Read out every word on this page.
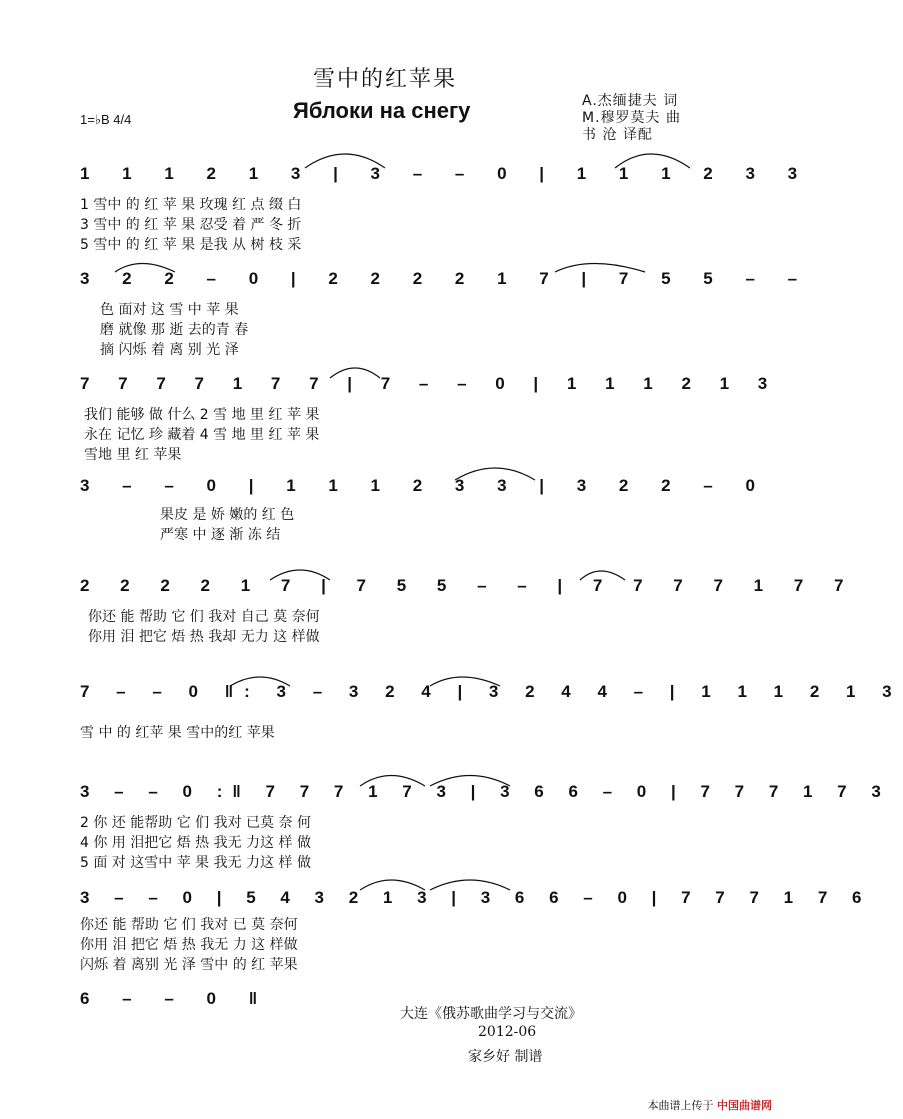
雪中的红苹果
Яблоки на снегу
1=♭B 4/4
A.杰缅捷夫 词
M.穆罗莫夫 曲
书 沧 译配
1 1 1 2 1 3 | 3 – – 0 | 1 1 1 2 3 3
1 雪中 的 红 苹 果 玫瑰 红 点 缀 白
3 雪中 的 红 苹 果 忍受 着 严 冬 折
5 雪中 的 红 苹 果 是我 从 树 枝 采
3 2 2 – 0 | 2 2 2 2 1 7 | 7 5 5 – –
色 面对 这 雪 中 苹 果
磨 就像 那 逝 去的青 春
摘 闪烁 着 离 别 光 泽
7 7 7 7 1 7 7 | 7 – – 0 | 1 1 1 2 1 3
我们 能够 做 什么 2 雪 地 里 红 苹 果
永在 记忆 珍 藏着 4 雪 地 里 红 苹 果
雪地 里 红 苹果
3 – – 0 | 1 1 1 2 3 3 | 3 2 2 – 0
果皮 是 娇 嫩的 红 色
严寒 中 逐 渐 冻 结
2 2 2 2 1 7 | 7 5 5 – – | 7 7 7 7 1 7 7
你还 能 帮助 它 们 我对 自己 莫 奈何
你用 泪 把它 焐 热 我却 无力 这 样做
7 – – 0 ‖: 3 – 3 2 4 | 3 2 4 4 – | 1 1 1 2 1 3
雪 中 的 红苹 果 雪中的红 苹果
3 – – 0 :‖ 7 7 7 1 7 3 | 3 6 6 – 0 | 7 7 7 1 7 3
2 你 还 能帮助 它 们 我对 已莫 奈 何
4 你 用 泪把它 焐 热 我无 力这 样 做
5 面 对 这雪中 苹 果 我无 力这 样 做
3 – – 0 | 5 4 3 2 1 3 | 3 6 6 – 0 | 7 7 7 1 7 6
你还 能 帮助 它 们 我对 已 莫 奈何
你用 泪 把它 焐 热 我无 力 这 样做
闪烁 着 离别 光 泽 雪中 的 红 苹果
6 – – 0 ‖
大连《俄苏歌曲学习与交流》
2012-06
家乡好 制谱
本曲谱上传于 中国曲谱网
